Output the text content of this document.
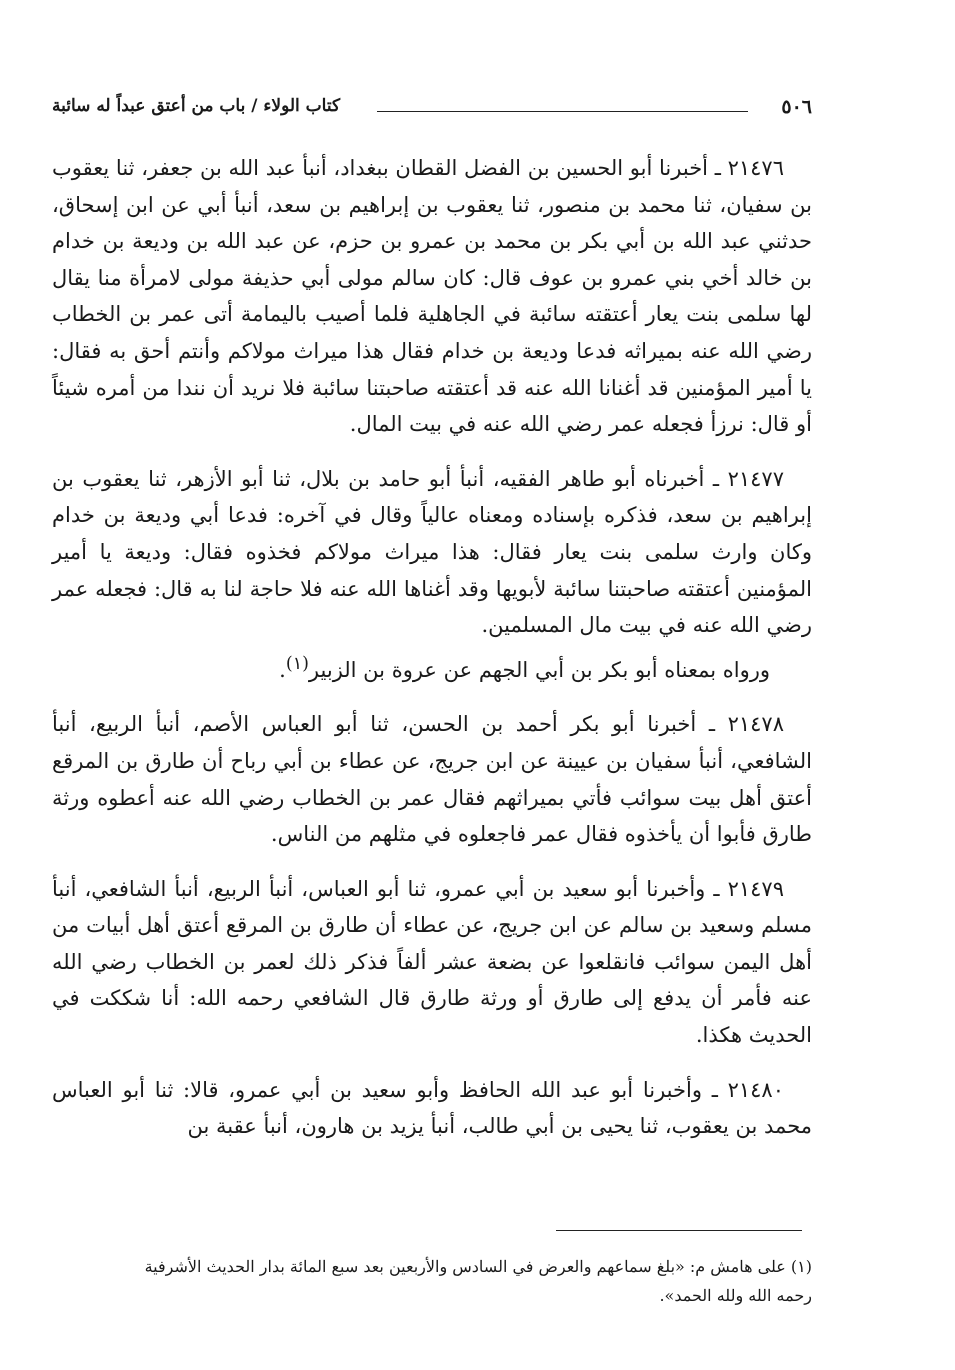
٥٠٦
كتاب الولاء / باب من أعتق عبداً له سائبة

٢١٤٧٦ ـ أخبرنا أبو الحسين بن الفضل القطان ببغداد، أنبأ عبد الله بن جعفر، ثنا يعقوب بن سفيان، ثنا محمد بن منصور، ثنا يعقوب بن إبراهيم بن سعد، أنبأ أبي عن ابن إسحاق، حدثني عبد الله بن أبي بكر بن محمد بن عمرو بن حزم، عن عبد الله بن وديعة بن خدام بن خالد أخي بني عمرو بن عوف قال: كان سالم مولى أبي حذيفة مولى لامرأة منا يقال لها سلمى بنت يعار أعتقته سائبة في الجاهلية فلما أصيب باليمامة أتى عمر بن الخطاب رضي الله عنه بميراثه فدعا وديعة بن خدام فقال هذا ميراث مولاكم وأنتم أحق به فقال: يا أمير المؤمنين قد أغنانا الله عنه قد أعتقته صاحبتنا سائبة فلا نريد أن نندا من أمره شيئاً أو قال: نرزأ فجعله عمر رضي الله عنه في بيت المال.

٢١٤٧٧ ـ أخبرناه أبو طاهر الفقيه، أنبأ أبو حامد بن بلال، ثنا أبو الأزهر، ثنا يعقوب بن إبراهيم بن سعد، فذكره بإسناده ومعناه عالياً وقال في آخره: فدعا أبي وديعة بن خدام وكان وارث سلمى بنت يعار فقال: هذا ميراث مولاكم فخذوه فقال: وديعة يا أمير المؤمنين أعتقته صاحبتنا سائبة لأبويها وقد أغناها الله عنه فلا حاجة لنا به قال: فجعله عمر رضي الله عنه في بيت مال المسلمين.

ورواه بمعناه أبو بكر بن أبي الجهم عن عروة بن الزبير$^{(١)}$.

٢١٤٧٨ ـ أخبرنا أبو بكر أحمد بن الحسن، ثنا أبو العباس الأصم، أنبأ الربيع، أنبأ الشافعي، أنبأ سفيان بن عيينة عن ابن جريج، عن عطاء بن أبي رباح أن طارق بن المرقع أعتق أهل بيت سوائب فأتي بميراثهم فقال عمر بن الخطاب رضي الله عنه أعطوه ورثة طارق فأبوا أن يأخذوه فقال عمر فاجعلوه في مثلهم من الناس.

٢١٤٧٩ ـ وأخبرنا أبو سعيد بن أبي عمرو، ثنا أبو العباس، أنبأ الربيع، أنبأ الشافعي، أنبأ مسلم وسعيد بن سالم عن ابن جريج، عن عطاء أن طارق بن المرقع أعتق أهل أبيات من أهل اليمن سوائب فانقلعوا عن بضعة عشر ألفاً فذكر ذلك لعمر بن الخطاب رضي الله عنه فأمر أن يدفع إلى طارق أو ورثة طارق قال الشافعي رحمه الله: أنا شككت في الحديث هكذا.

٢١٤٨٠ ـ وأخبرنا أبو عبد الله الحافظ وأبو سعيد بن أبي عمرو، قالا: ثنا أبو العباس محمد بن يعقوب، ثنا يحيى بن أبي طالب، أنبأ يزيد بن هارون، أنبأ عقبة بن

(١) على هامش م: «بلغ سماعهم والعرض في السادس والأربعين بعد سبع المائة بدار الحديث الأشرفية

رحمه الله ولله الحمد».
